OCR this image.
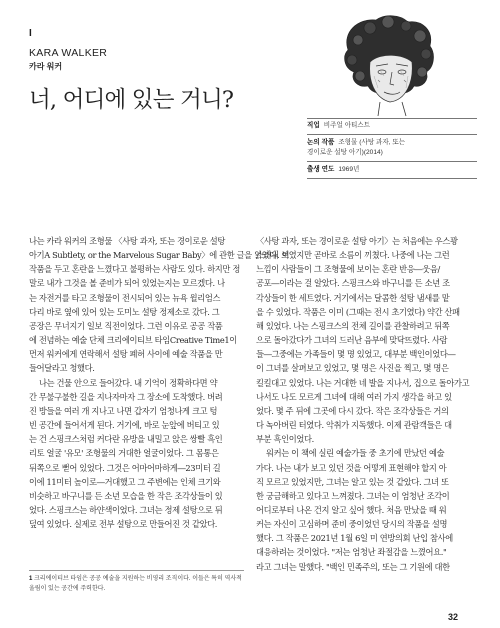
I
KARA WALKER
카라 워커
너, 어디에 있는 거니?
직업 비주얼 아티스트
논의 작품 조형물 (사탕 과자, 또는
경이로운 설탕 아기)(2014)
출생 연도 1969년

나는 카라 워커의 조형물 〈사탕 과자, 또는 경이로운 설탕

아기A Subtlety, or the Marvelous Sugar Baby〉에 관한 글을 읽었다. 이

작품을 두고 혼란을 느꼈다고 불평하는 사람도 있다. 하지만 정

말로 내가 그것을 볼 준비가 되어 있었는지는 모르겠다. 나

는 자전거를 타고 조형물이 전시되어 있는 뉴욕 윌리엄스

다리 바로 옆에 있어 있는 도미노 설탕 정제소로 갔다. 그

공장은 무너지기 일보 직전이었다. 그런 이유로 공공 작품

에 전념하는 예술 단체 크리에이티브 타임Creative Time1이

먼저 워커에게 연락해서 설탕 폐허 사이에 예술 작품을 만

들어달라고 청했다.

나는 건물 안으로 들어갔다. 내 기억이 정확하다면 약

간 무불구불한 길을 지나자마자 그 장소에 도착했다. 버려

진 방들을 여러 개 지나고 나면 갑자기 엄청나게 크고 텅

빈 공간에 들어서게 된다. 거기에, 바로 눈앞에 버티고 있

는 건 스핑크스처럼 커다란 유방을 내밀고 앉은 쌍빨 흑인

리토 얼굴 '유모' 조형물의 거대한 얼굴이었다. 그 몸통은

뒤쪽으로 뻗어 있었다. 그것은 어마어마하게―23미터 길

이에 11미터 높이로―거대했고 그 주변에는 인체 크기와

비슷하고 바구니를 든 소년 모습을 한 작은 조각상들이 있

었다. 스핑크스는 하얀색이었다. 그녀는 정제 설탕으로 뒤

덮여 있었다. 실제로 전부 설탕으로 만들어진 것 같았다.

〈사탕 과자, 또는 경이로운 설탕 아기〉는 처음에는 우스꽝

스러워 보였지만 곧바로 소름이 끼쳤다. 나중에 나는 그런

느낌이 사람들이 그 조형물에 보이는 혼란 반응―웃음/

공포―이라는 걸 알았다. 스핑크스와 바구니를 든 소년 조

각상들이 한 세트였다. 거기에서는 달콤한 설탕 냄새를 맡

을 수 있었다. 작품은 이미 (그때는 전시 초기였다) 약간 산패

해 있었다. 나는 스핑크스의 전체 길이를 관찰하려고 뒤쪽

으로 돌아갔다가 그녀의 드러난 음부에 맞닥뜨렸다. 사람

들―그중에는 가족들이 몇 명 있었고, 대부분 백인이었다―

이 그녀를 살펴보고 있었고, 몇 명은 사진을 찍고, 몇 명은

킬킬대고 있었다. 나는 거대한 네 발을 지나서, 집으로 돌아가고

나서도 나도 모르게 그녀에 대해 여러 가지 생각을 하고 있

었다. 몇 주 뒤에 그곳에 다시 갔다. 작은 조각상들은 거의

다 녹아버린 터였다. 악취가 지독했다. 이제 관람객들은 대

부분 흑인이었다.

워커는 이 책에 실린 예술가들 중 초기에 만났던 예술

가다. 나는 내가 보고 있던 것을 어떻게 표현해야 할지 아

직 모르고 있었지만, 그녀는 알고 있는 것 같았다. 그녀 또

한 궁금해하고 있다고 느껴졌다. 그녀는 이 엄청난 조각이

어디로부터 나온 건지 알고 싶어 했다. 처음 만났을 때 워

커는 자신이 고심하며 준비 중이었던 당시의 작품을 설명

했다. 그 작품은 2021년 1월 6일 미 연방의회 난입 참사에

대응하려는 것이었다. "저는 엄청난 좌절감을 느꼈어요."

라고 그녀는 말했다. "백인 민족주의, 또는 그 기원에 대한

1 크리에이티브 타임은 공공 예술을 지원하는 비영리 조직이다. 이들은 특히 역사적 울림이 있는 공간에 주력한다.
32
